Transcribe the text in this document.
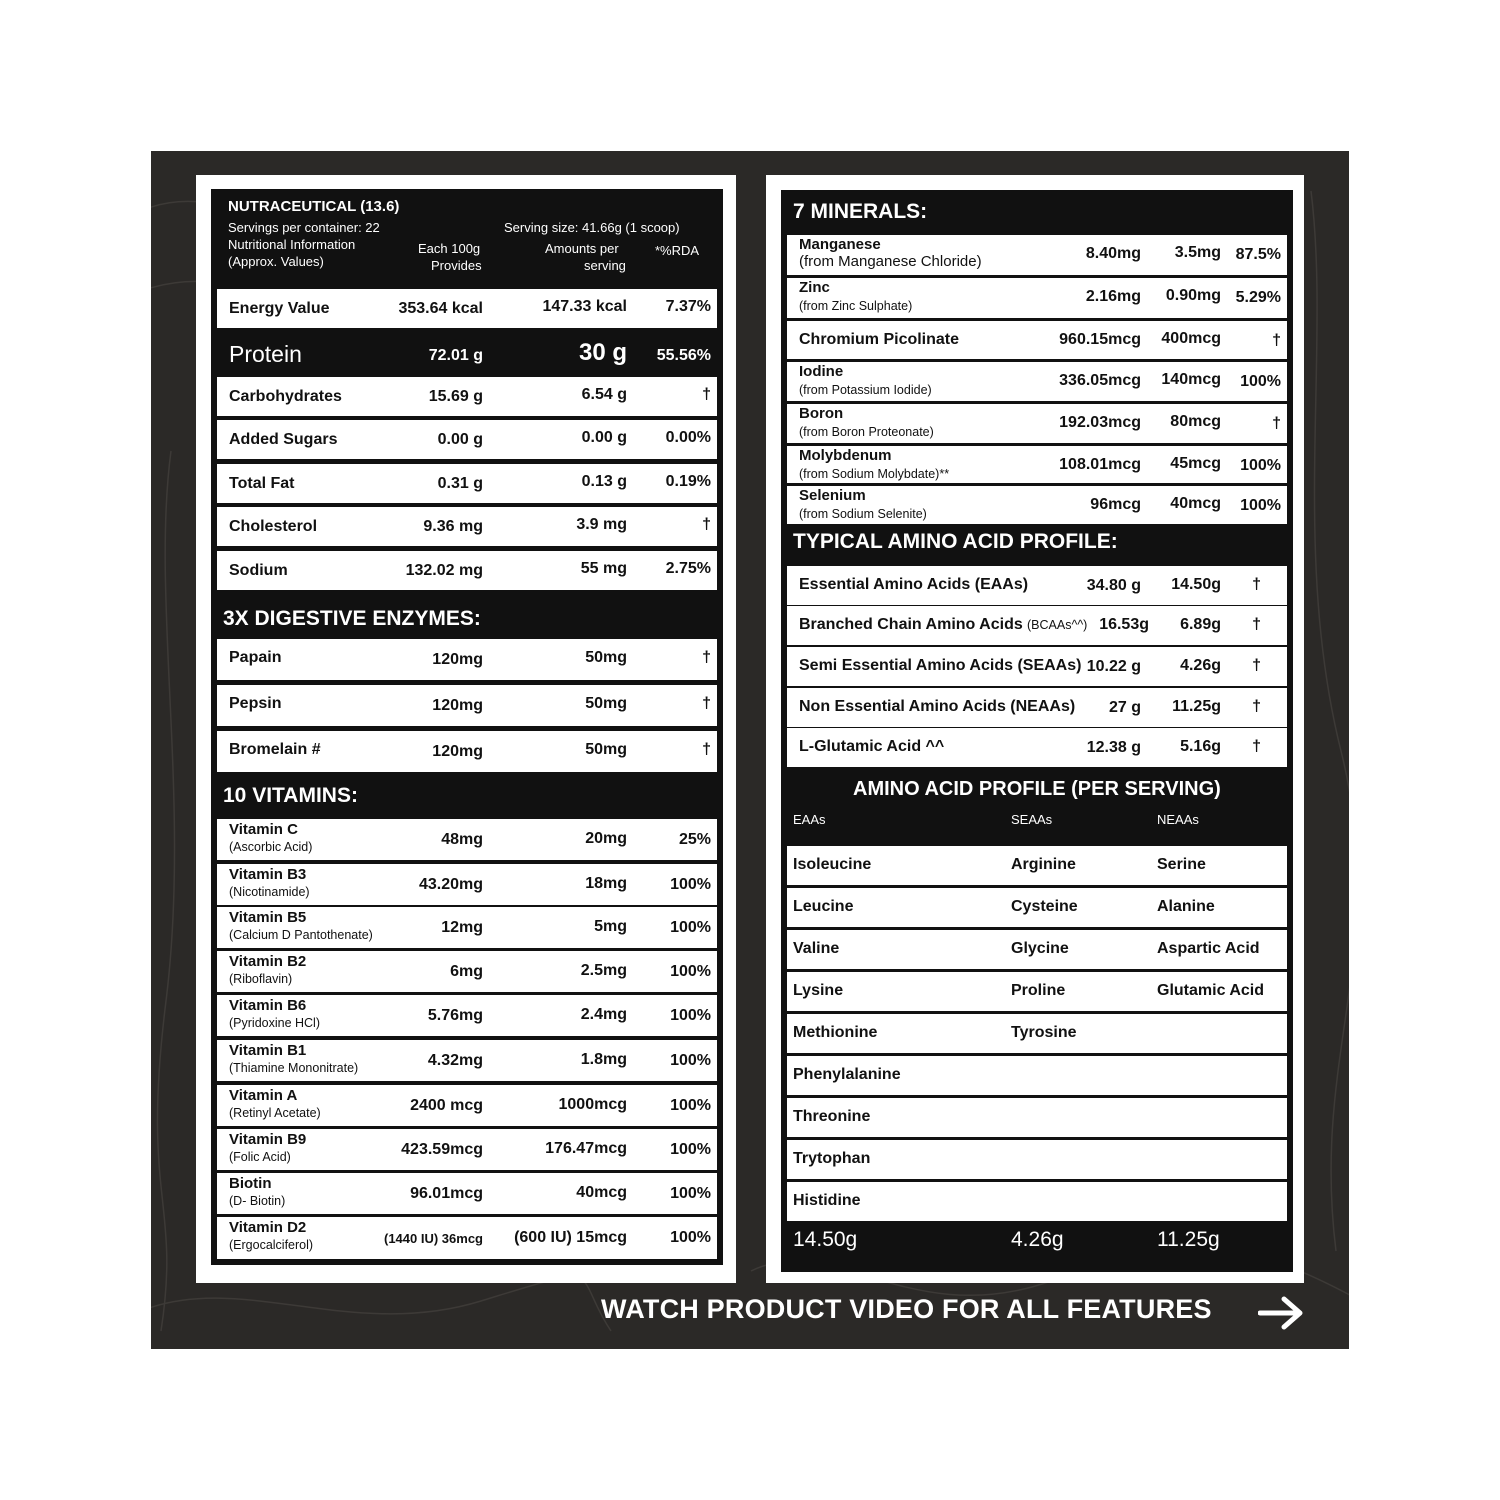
NUTRACEUTICAL (13.6)
Servings per container: 22	Serving size: 41.66g (1 scoop)
Nutritional Information
(Approx. Values)
Each 100g
Provides
Amounts per
serving
*%RDA
Energy Value	353.64 kcal	147.33 kcal 7.37%
Protein	72.01 g	30 g 55.56%
Carbohydrates	15.69 g	6.54 g	†
Added Sugars	0.00 g	0.00 g 0.00%
Total Fat	0.31 g	0.13 g 0.19%
Cholesterol	9.36 mg	3.9 mg	†
Sodium	132.02 mg	55 mg 2.75%
3X DIGESTIVE ENZYMES:
Papain	120mg	50mg	†
Pepsin	120mg	50mg	†
Bromelain #	120mg	50mg	†
10 VITAMINS:
Vitamin C
(Ascorbic Acid)	48mg	20mg	25%
Vitamin B3
(Nicotinamide)	43.20mg	18mg	100%
Vitamin B5
(Calcium D Pantothenate)	12mg	5mg	100%
Vitamin B2
(Riboflavin)	6mg	2.5mg	100%
Vitamin B6
(Pyridoxine HCl)	5.76mg	2.4mg	100%
Vitamin B1
(Thiamine Mononitrate)	4.32mg	1.8mg	100%
Vitamin A
(Retinyl Acetate)	2400 mcg	1000mcg	100%
Vitamin B9
(Folic Acid)	423.59mcg	176.47mcg	100%
Biotin
(D- Biotin)	96.01mcg	40mcg	100%
Vitamin D2
(Ergocalciferol)	(1440 IU) 36mcg (600 IU) 15mcg	100%
7 MINERALS:
Manganese
(from Manganese Chloride)	8.40mg 3.5mg 87.5%
Zinc
(from Zinc Sulphate)
2.16mg 0.90mg 5.29%
Chromium Picolinate	960.15mcg 400mcg	†
Iodine
(from Potassium Iodide)
336.05mcg 140mcg 100%
Boron
(from Boron Proteonate)
192.03mcg 80mcg	†
Molybdenum
(from Sodium Molybdate)**
108.01mcg 45mcg 100%
Selenium
(from Sodium Selenite)
96mcg 40mcg 100%
TYPICAL AMINO ACID PROFILE:
Essential Amino Acids (EAAs)	34.80 g 14.50g †
Branched Chain Amino Acids (BCAAs^^) 16.53g 6.89g †
Semi Essential Amino Acids (SEAAs) 10.22 g 4.26g †
Non Essential Amino Acids (NEAAs) 27 g 11.25g †
L-Glutamic Acid ^^	12.38 g 5.16g †
AMINO ACID PROFILE (PER SERVING)
EAAs	SEAAs	NEAAs
Isoleucine	Arginine	Serine
Leucine	Cysteine	Alanine
Valine	Glycine	Aspartic Acid
Lysine	Proline	Glutamic Acid
Methionine	Tyrosine
Phenylalanine
Threonine
Trytophan
Histidine
14.50g	4.26g	11.25g
WATCH PRODUCT VIDEO FOR ALL FEATURES
